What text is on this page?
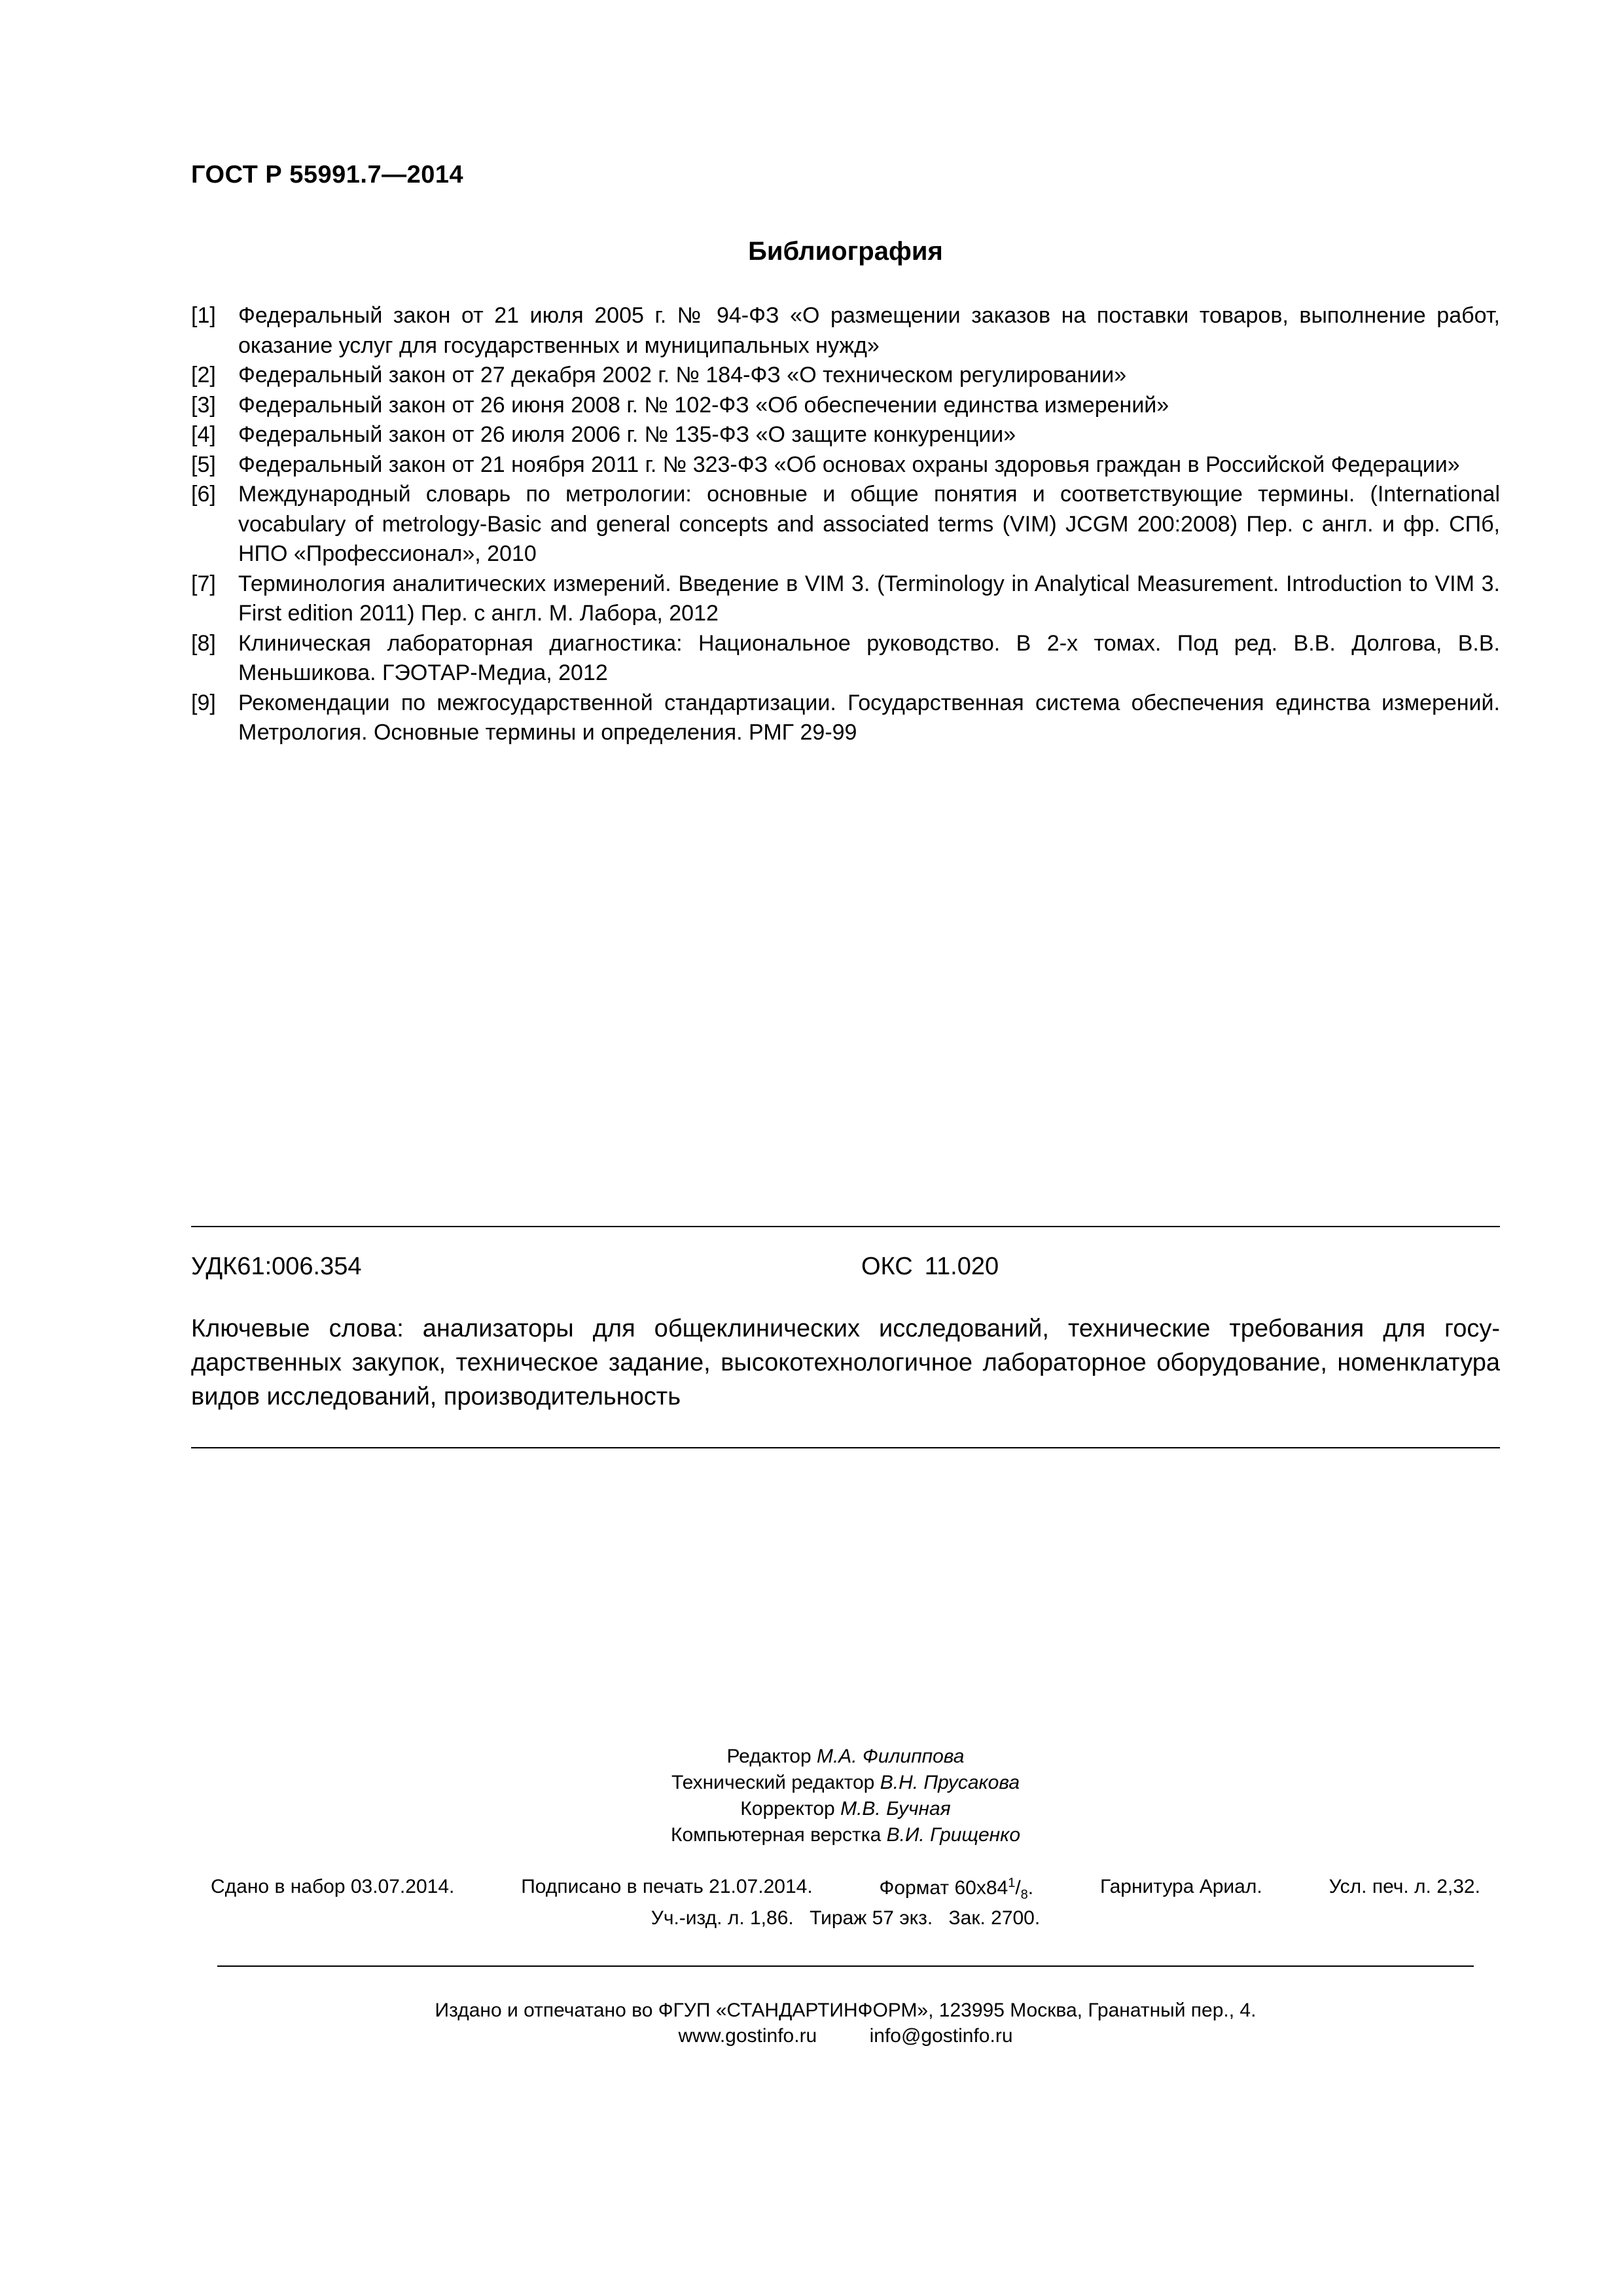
ГОСТ Р 55991.7—2014
Библиография
[1] Федеральный закон от 21 июля 2005 г. № 94-ФЗ «О размещении заказов на поставки товаров, выполнение работ, оказание услуг для государственных и муниципальных нужд»
[2] Федеральный закон от 27 декабря 2002 г. № 184-ФЗ «О техническом регулировании»
[3] Федеральный закон от 26 июня 2008 г. № 102-ФЗ «Об обеспечении единства измерений»
[4] Федеральный закон от 26 июля 2006 г. № 135-ФЗ «О защите конкуренции»
[5] Федеральный закон от 21 ноября 2011 г. № 323-ФЗ «Об основах охраны здоровья граждан в Российской Федерации»
[6] Международный словарь по метрологии: основные и общие понятия и соответствующие термины. (International vocabulary of metrology-Basic and general concepts and associated terms (VIM) JCGM 200:2008) Пер. с англ. и фр. СПб, НПО «Профессионал», 2010
[7] Терминология аналитических измерений. Введение в VIM 3. (Terminology in Analytical Measurement. Introduction to VIM 3. First edition 2011) Пер. с англ. М. Лабора, 2012
[8] Клиническая лабораторная диагностика: Национальное руководство. В 2-х томах. Под ред. В.В. Долгова, В.В. Меньшикова. ГЭОТАР-Медиа, 2012
[9] Рекомендации по межгосударственной стандартизации. Государственная система обеспечения единства измерений. Метрология. Основные термины и определения. РМГ 29-99
УДК61:006.354	ОКС 11.020
Ключевые слова: анализаторы для общеклинических исследований, технические требования для государственных закупок, техническое задание, высокотехнологичное лабораторное оборудование, номенклатура видов исследований, производительность
Редактор М.А. Филиппова
Технический редактор В.Н. Прусакова
Корректор М.В. Бучная
Компьютерная верстка В.И. Грищенко
Сдано в набор 03.07.2014.	Подписано в печать 21.07.2014.	Формат $60x84^1/_8$.	Гарнитура Ариал.	Усл. печ. л. 2,32.
Уч.-изд. л. 1,86. Тираж 57 экз. Зак. 2700.
Издано и отпечатано во ФГУП «СТАНДАРТИНФОРМ», 123995 Москва, Гранатный пер., 4.
www.gostinfo.ru	info@gostinfo.ru
